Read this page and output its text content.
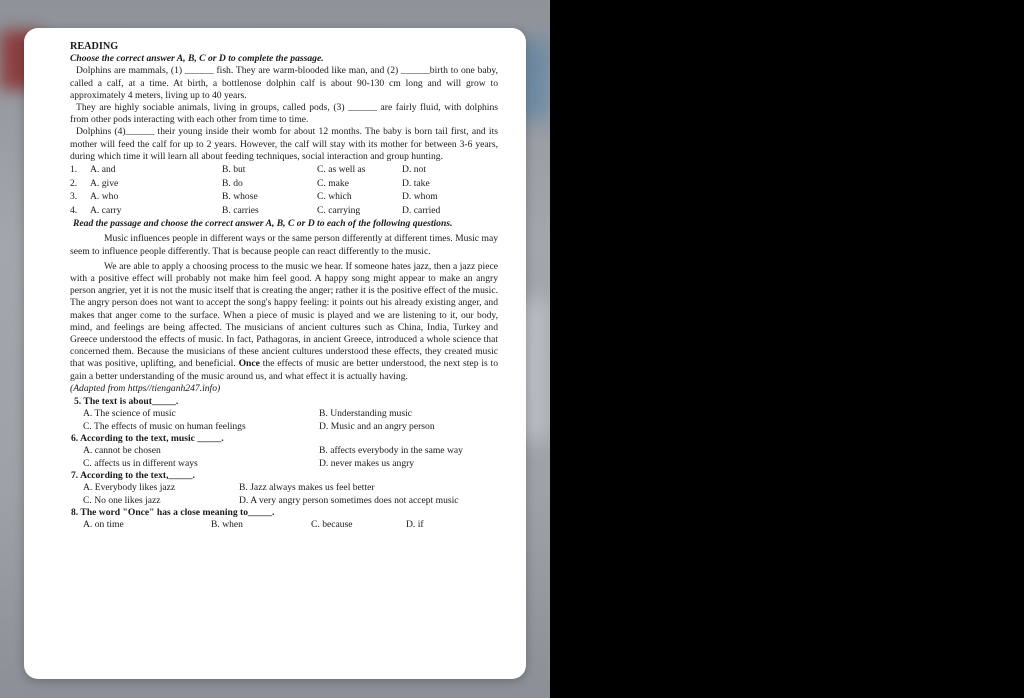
READING

Choose the correct answer A, B, C or D to complete the passage.

Dolphins are mammals, (1) ______ fish. They are warm-blooded like man, and (2) ______birth to one baby, called a calf, at a time. At birth, a bottlenose dolphin calf is about 90-130 cm long and will grow to approximately 4 meters, living up to 40 years.

They are highly sociable animals, living in groups, called pods, (3) ______ are fairly fluid, with dolphins from other pods interacting with each other from time to time.

Dolphins (4)______ their young inside their womb for about 12 months. The baby is born tail first, and its mother will feed the calf for up to 2 years. However, the calf will stay with its mother for between 3-6 years, during which time it will learn all about feeding techniques, social interaction and group hunting.

1.	A. and	B. but	C. as well as	D. not
2.	A. give	B. do	C. make	D. take
3.	A. who	B. whose	C. which	D. whom
4.	A. carry	B. carries	C. carrying	D. carried

Read the passage and choose the correct answer A, B, C or D to each of the following questions.

Music influences people in different ways or the same person differently at different times. Music may seem to influence people differently. That is because people can react differently to the music.

We are able to apply a choosing process to the music we hear. If someone hates jazz, then a jazz piece with a positive effect will probably not make him feel good. A happy song might appear to make an angry person angrier, yet it is not the music itself that is creating the anger; rather it is the positive effect of the music. The angry person does not want to accept the song's happy feeling: it points out his already existing anger, and makes that anger come to the surface. When a piece of music is played and we are listening to it, our body, mind, and feelings are being affected. The musicians of ancient cultures such as China, India, Turkey and Greece understood the effects of music. In fact, Pathagoras, in ancient Greece, introduced a whole science that concerned them. Because the musicians of these ancient cultures understood these effects, they created music that was positive, uplifting, and beneficial. Once the effects of music are better understood, the next step is to gain a better understanding of the music around us, and what effect it is actually having.

(Adapted from https//tienganh247.info)

5. The text is about_____.

A. The science of music	B. Understanding music
C. The effects of music on human feelings	D. Music and an angry person

6. According to the text, music _____.

A. cannot be chosen	B. affects everybody in the same way
C. affects us in different ways	D. never makes us angry

7. According to the text,_____.

A. Everybody likes jazz	B. Jazz always makes us feel better
C. No one likes jazz	D. A very angry person sometimes does not accept music

8. The word "Once" has a close meaning to_____.

A. on time	B. when	C. because	D. if
